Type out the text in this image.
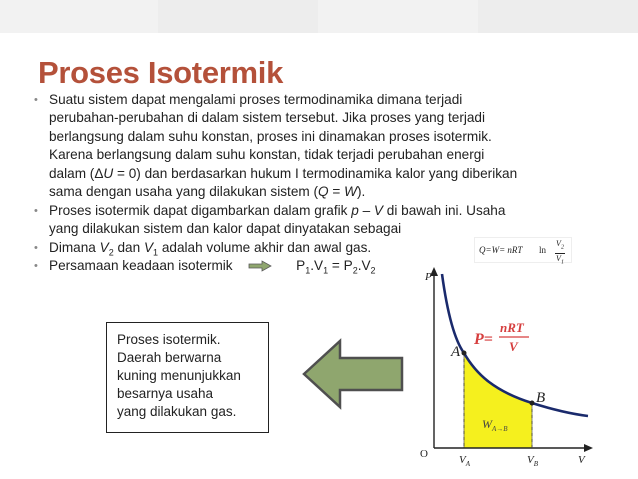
Proses Isotermik
• Suatu sistem dapat mengalami proses termodinamika dimana terjadi
perubahan-perubahan di dalam sistem tersebut. Jika proses yang terjadi
berlangsung dalam suhu konstan, proses ini dinamakan proses isotermik.
Karena berlangsung dalam suhu konstan, tidak terjadi perubahan energi
dalam (ΔU = 0) dan berdasarkan hukum I termodinamika kalor yang diberikan
sama dengan usaha yang dilakukan sistem (Q = W).
• Proses isotermik dapat digambarkan dalam grafik p – V di bawah ini. Usaha
yang dilakukan sistem dan kalor dapat dinyatakan sebagai
• Dimana $V_2$ dan $V_1$ adalah volume akhir dan awal gas.
• Persamaan keadaan isotermik	$P_1.V_1 = P_2.V_2$
Q=W= nRT ln
$V_2$
$V_1$
Proses isotermik.
Daerah berwarna
kuning menunjukkan
besarnya usaha
yang dilakukan gas.
A
B
P
V
O	$V_A$	$V_B$
P=
nRT
V
$W_{A\to B}$
